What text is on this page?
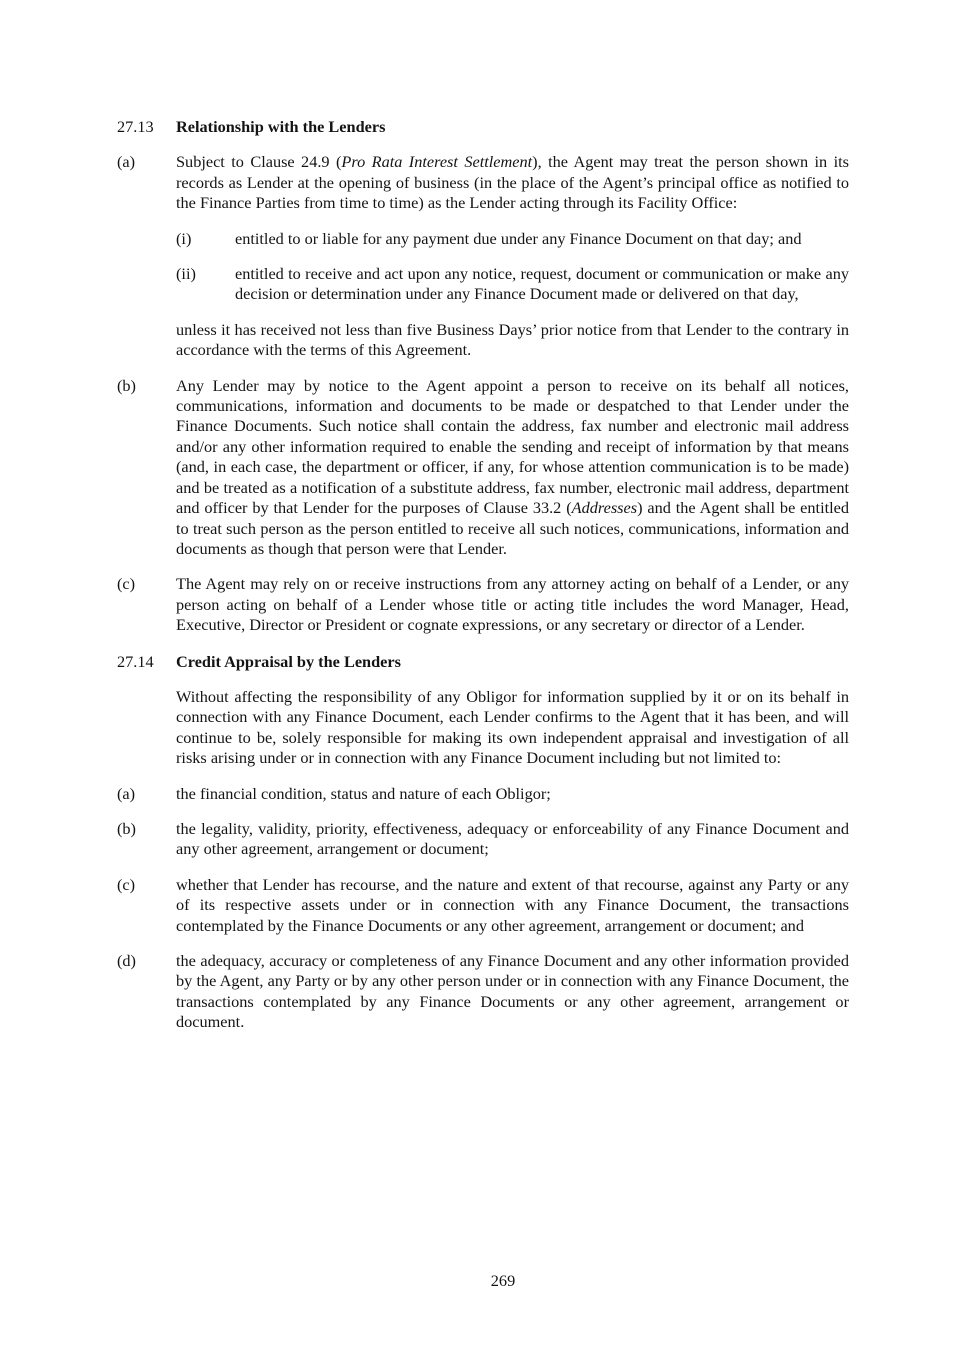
27.13	Relationship with the Lenders
(a)	Subject to Clause 24.9 (Pro Rata Interest Settlement), the Agent may treat the person shown in its records as Lender at the opening of business (in the place of the Agent’s principal office as notified to the Finance Parties from time to time) as the Lender acting through its Facility Office:
(i)	entitled to or liable for any payment due under any Finance Document on that day; and
(ii)	entitled to receive and act upon any notice, request, document or communication or make any decision or determination under any Finance Document made or delivered on that day,
unless it has received not less than five Business Days’ prior notice from that Lender to the contrary in accordance with the terms of this Agreement.
(b)	Any Lender may by notice to the Agent appoint a person to receive on its behalf all notices, communications, information and documents to be made or despatched to that Lender under the Finance Documents. Such notice shall contain the address, fax number and electronic mail address and/or any other information required to enable the sending and receipt of information by that means (and, in each case, the department or officer, if any, for whose attention communication is to be made) and be treated as a notification of a substitute address, fax number, electronic mail address, department and officer by that Lender for the purposes of Clause 33.2 (Addresses) and the Agent shall be entitled to treat such person as the person entitled to receive all such notices, communications, information and documents as though that person were that Lender.
(c)	The Agent may rely on or receive instructions from any attorney acting on behalf of a Lender, or any person acting on behalf of a Lender whose title or acting title includes the word Manager, Head, Executive, Director or President or cognate expressions, or any secretary or director of a Lender.
27.14	Credit Appraisal by the Lenders
Without affecting the responsibility of any Obligor for information supplied by it or on its behalf in connection with any Finance Document, each Lender confirms to the Agent that it has been, and will continue to be, solely responsible for making its own independent appraisal and investigation of all risks arising under or in connection with any Finance Document including but not limited to:
(a)	the financial condition, status and nature of each Obligor;
(b)	the legality, validity, priority, effectiveness, adequacy or enforceability of any Finance Document and any other agreement, arrangement or document;
(c)	whether that Lender has recourse, and the nature and extent of that recourse, against any Party or any of its respective assets under or in connection with any Finance Document, the transactions contemplated by the Finance Documents or any other agreement, arrangement or document; and
(d)	the adequacy, accuracy or completeness of any Finance Document and any other information provided by the Agent, any Party or by any other person under or in connection with any Finance Document, the transactions contemplated by any Finance Documents or any other agreement, arrangement or document.
269
